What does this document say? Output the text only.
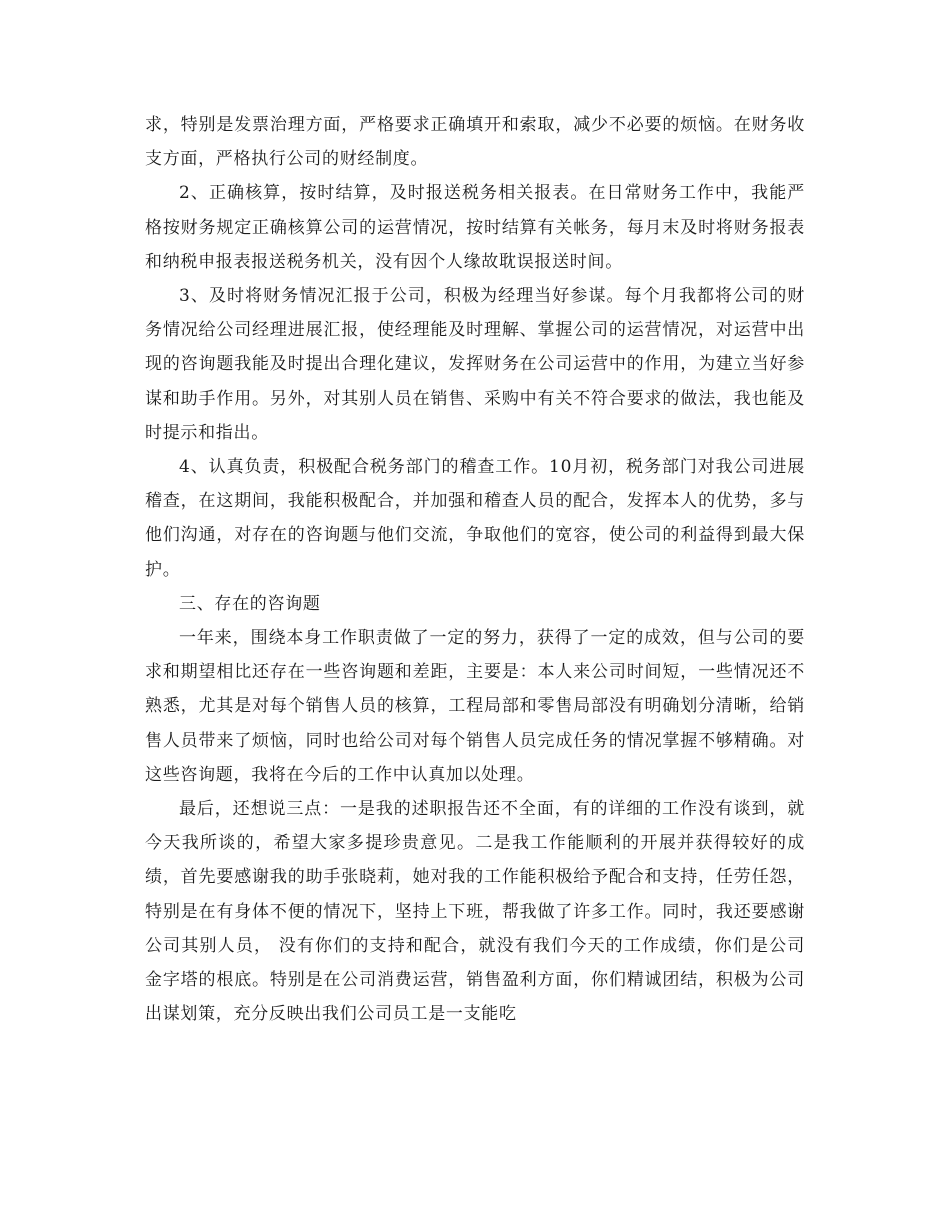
求，特别是发票治理方面，严格要求正确填开和索取，减少不必要的烦恼。在财务收支方面，严格执行公司的财经制度。

2、正确核算，按时结算，及时报送税务相关报表。在日常财务工作中，我能严格按财务规定正确核算公司的运营情况，按时结算有关帐务，每月末及时将财务报表和纳税申报表报送税务机关，没有因个人缘故耽误报送时间。

3、及时将财务情况汇报于公司，积极为经理当好参谋。每个月我都将公司的财务情况给公司经理进展汇报，使经理能及时理解、掌握公司的运营情况，对运营中出现的咨询题我能及时提出合理化建议，发挥财务在公司运营中的作用，为建立当好参谋和助手作用。另外，对其别人员在销售、采购中有关不符合要求的做法，我也能及时提示和指出。

4、认真负责，积极配合税务部门的稽查工作。10月初，税务部门对我公司进展稽查，在这期间，我能积极配合，并加强和稽查人员的配合，发挥本人的优势，多与他们沟通，对存在的咨询题与他们交流，争取他们的宽容，使公司的利益得到最大保护。

三、存在的咨询题

一年来，围绕本身工作职责做了一定的努力，获得了一定的成效，但与公司的要求和期望相比还存在一些咨询题和差距，主要是：本人来公司时间短，一些情况还不熟悉，尤其是对每个销售人员的核算，工程局部和零售局部没有明确划分清晰，给销售人员带来了烦恼，同时也给公司对每个销售人员完成任务的情况掌握不够精确。对这些咨询题，我将在今后的工作中认真加以处理。

最后，还想说三点：一是我的述职报告还不全面，有的详细的工作没有谈到，就今天我所谈的，希望大家多提珍贵意见。二是我工作能顺利的开展并获得较好的成绩，首先要感谢我的助手张晓莉，她对我的工作能积极给予配合和支持，任劳任怨，特别是在有身体不便的情况下，坚持上下班，帮我做了许多工作。同时，我还要感谢公司其别人员， 没有你们的支持和配合，就没有我们今天的工作成绩，你们是公司金字塔的根底。特别是在公司消费运营，销售盈利方面，你们精诚团结，积极为公司出谋划策，充分反映出我们公司员工是一支能吃
